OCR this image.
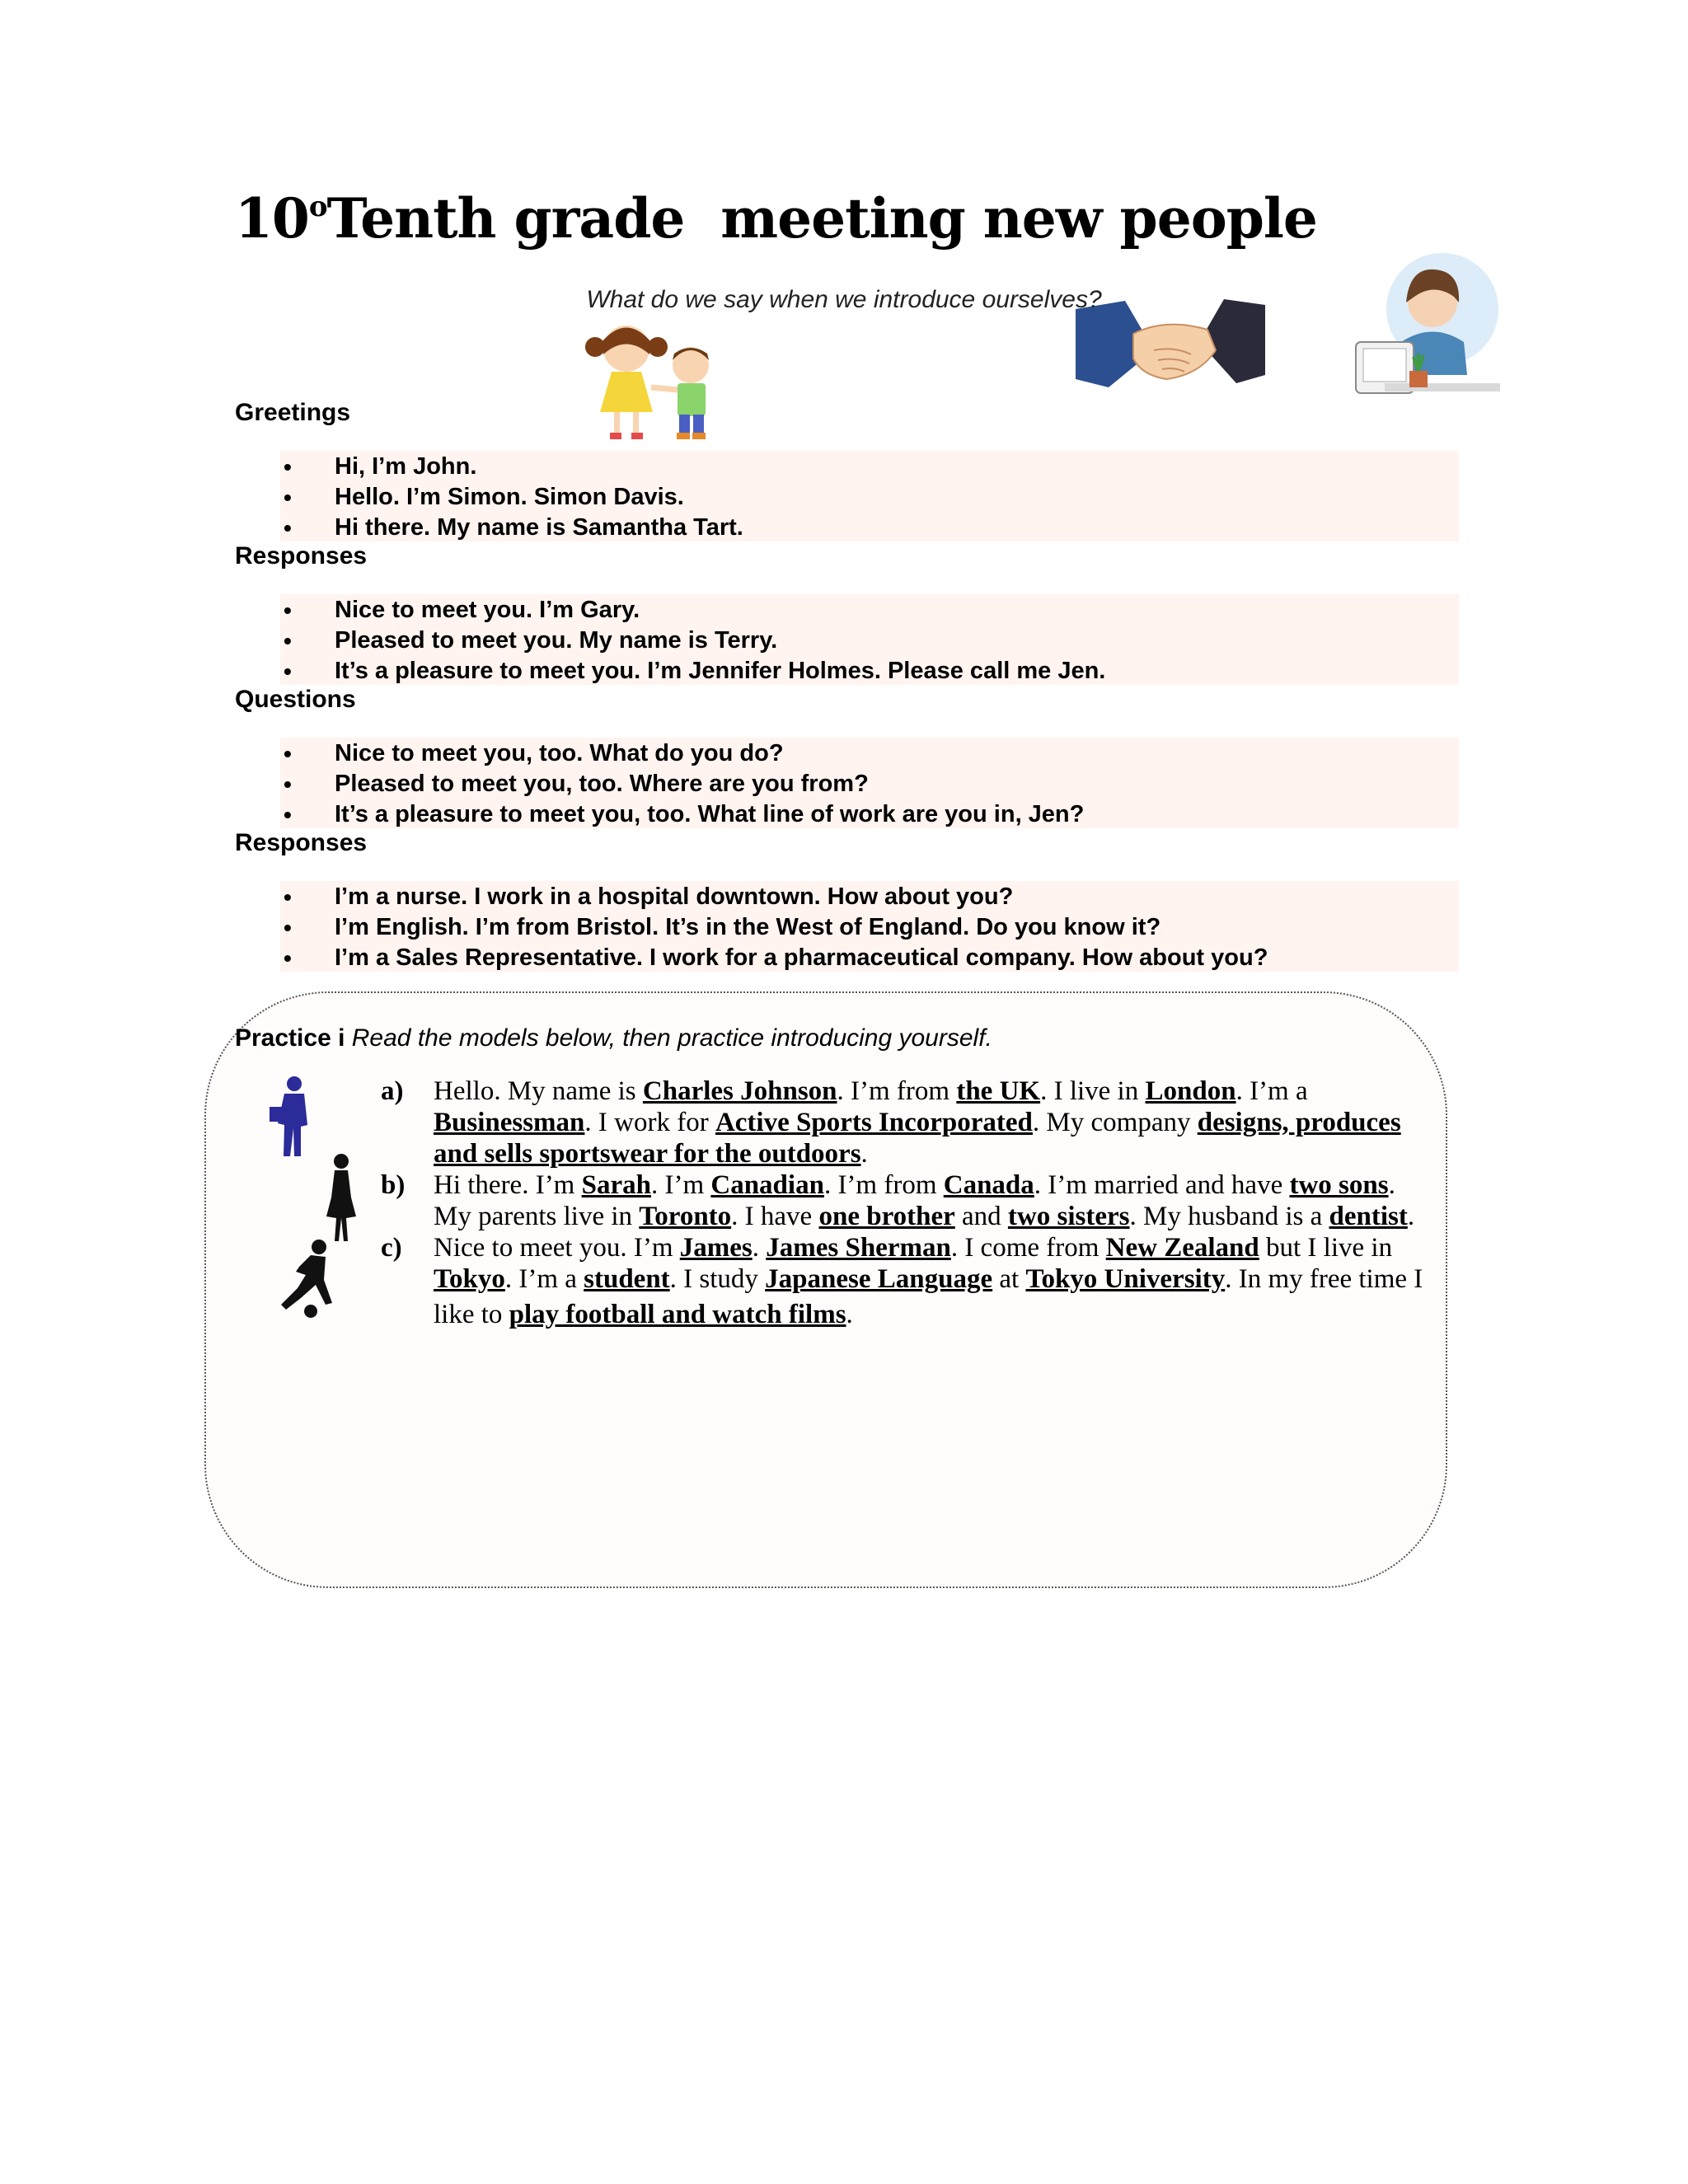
10$^o$Tenth grade  meeting new people
What do we say when we introduce ourselves?
Greetings
• Hi, I’m John.
• Hello. I’m Simon. Simon Davis.
• Hi there. My name is Samantha Tart.
Responses
• Nice to meet you. I’m Gary.
• Pleased to meet you. My name is Terry.
• It’s a pleasure to meet you. I’m Jennifer Holmes. Please call me Jen.
Questions
• Nice to meet you, too. What do you do?
• Pleased to meet you, too. Where are you from?
• It’s a pleasure to meet you, too. What line of work are you in, Jen?
Responses
• I’m a nurse. I work in a hospital downtown. How about you?
• I’m English. I’m from Bristol. It’s in the West of England. Do you know it?
• I’m a Sales Representative. I work for a pharmaceutical company. How about you?
Practice i Read the models below, then practice introducing yourself.

a) Hello. My name is Charles Johnson. I’m from the UK. I live in London. I’m a
Businessman. I work for Active Sports Incorporated. My company designs, produces and sells sportswear for the outdoors.

b) Hi there. I’m Sarah. I’m Canadian. I’m from Canada. I’m married and have two sons.
My parents live in Toronto. I have one brother and two sisters. My husband is a dentist.

c) Nice to meet you. I’m James. James Sherman. I come from New Zealand but I live in
Tokyo. I’m a student. I study Japanese Language at Tokyo University. In my free time I
like to play football and watch films.
